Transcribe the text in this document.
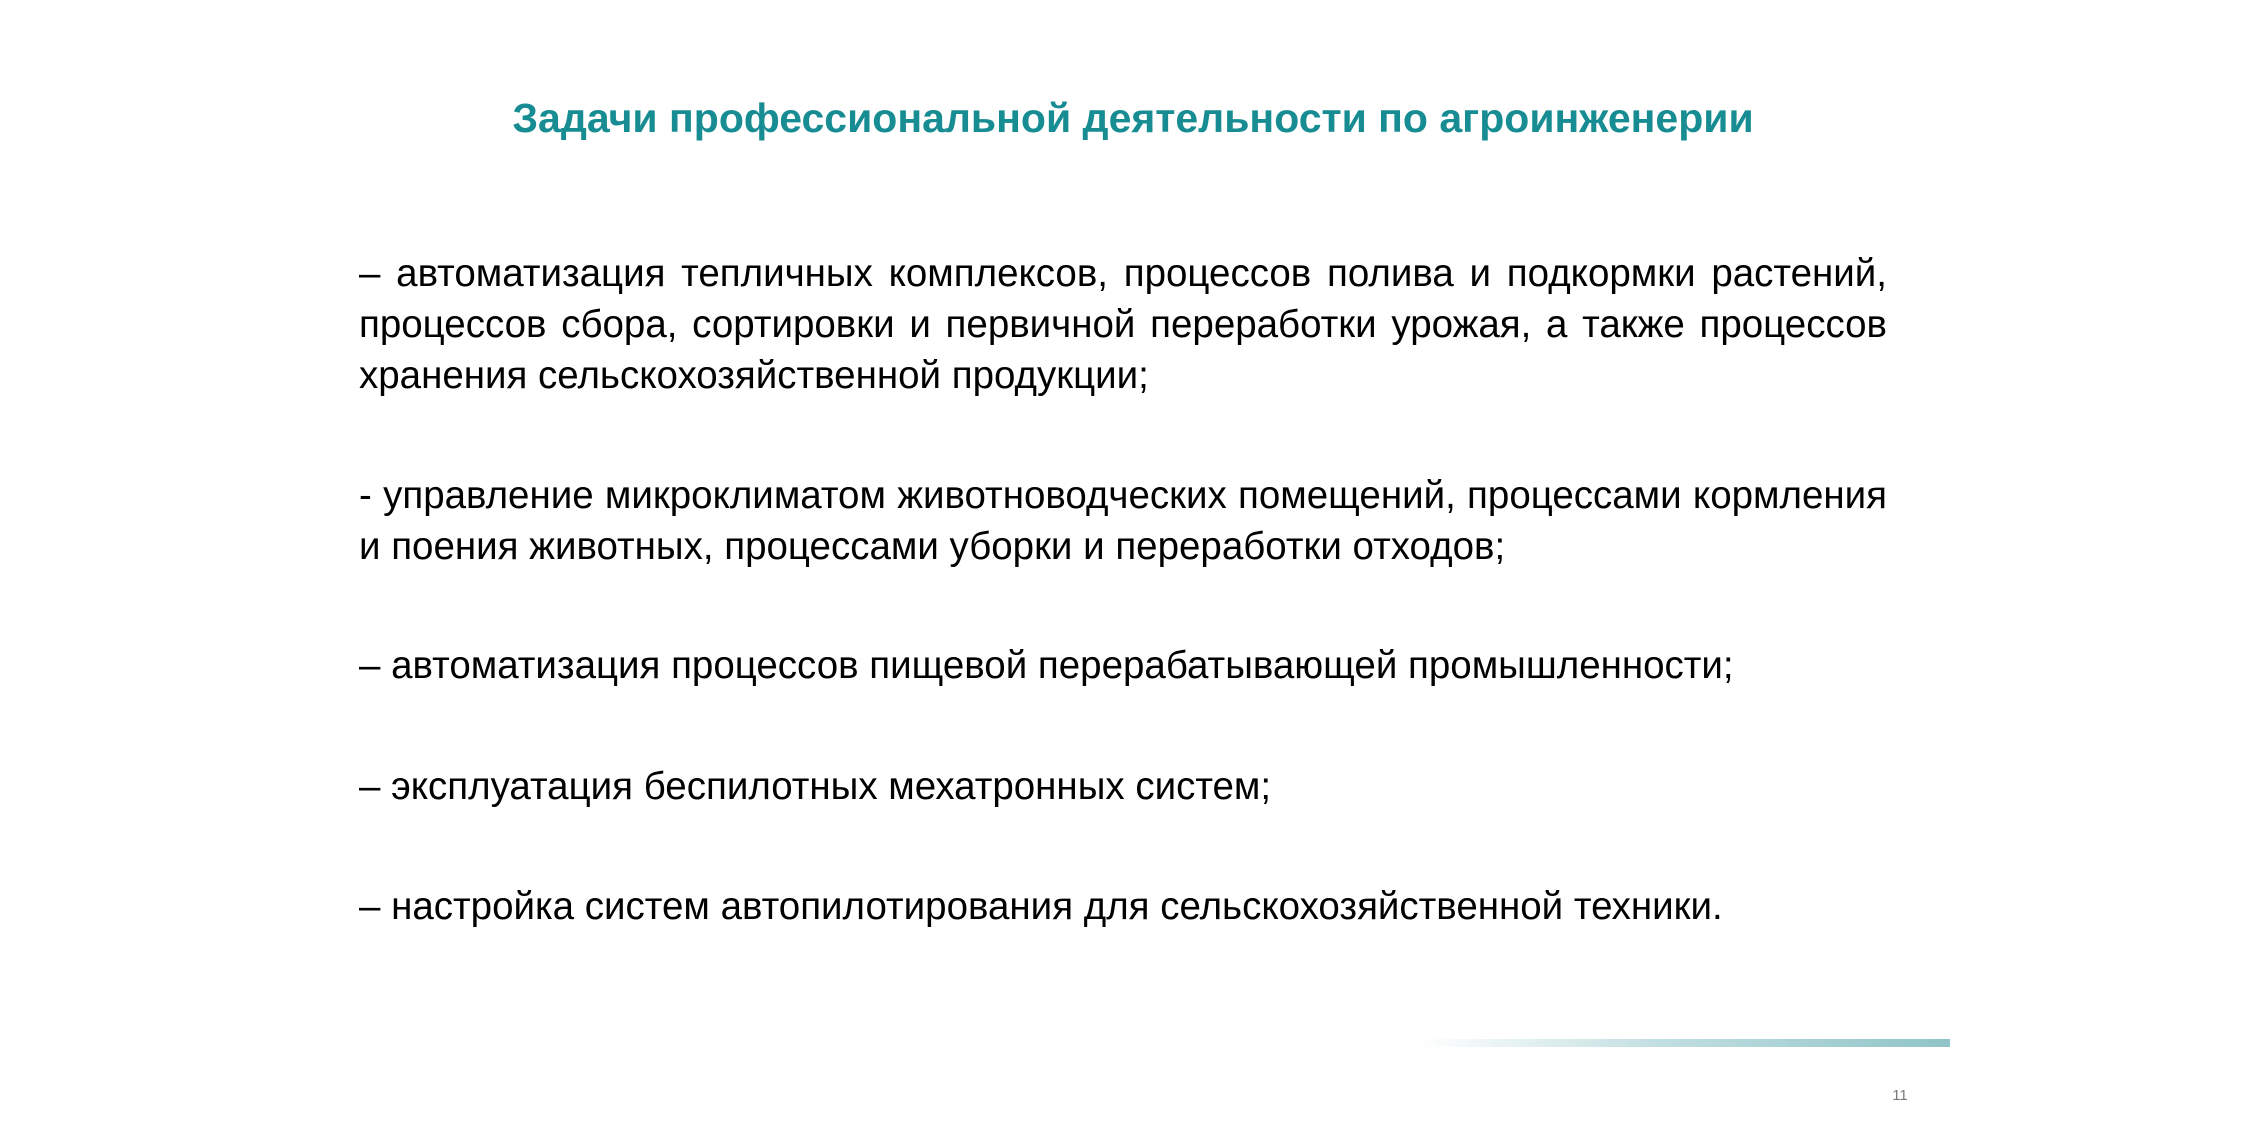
Задачи профессиональной деятельности по агроинженерии
– автоматизация тепличных комплексов, процессов полива и подкормки растений, процессов сбора, сортировки и первичной переработки урожая, а также процессов хранения сельскохозяйственной продукции;
- управление микроклиматом животноводческих помещений, процессами кормления и поения животных, процессами уборки и переработки отходов;
– автоматизация процессов пищевой перерабатывающей промышленности;
– эксплуатация беспилотных мехатронных систем;
– настройка систем автопилотирования для сельскохозяйственной техники.
11
